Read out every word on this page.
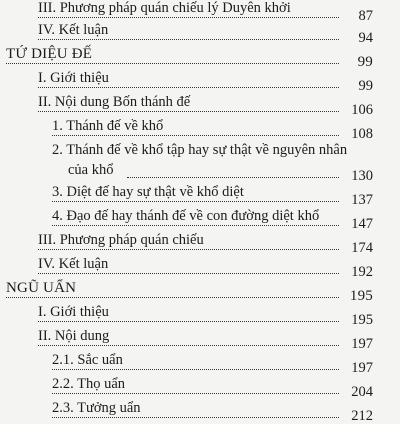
III. Phương pháp quán chiếu lý Duyên khởi	87
IV. Kết luận	94
TỨ DIỆU ĐẾ	99
I. Giới thiệu	99
II. Nội dung Bốn thánh đế	106
1. Thánh đế về khổ	108
2. Thánh đế về khổ tập hay sự thật về nguyên nhân
của khổ	130
3. Diệt đế hay sự thật về khổ diệt	137
4. Đạo đế hay thánh đế về con đường diệt khổ	147
III. Phương pháp quán chiếu	174
IV. Kết luận	192
NGŨ UẨN	195
I. Giới thiệu	195
II. Nội dung	197
2.1. Sắc uẩn	197
2.2. Thọ uẩn	204
2.3. Tưởng uẩn	212
